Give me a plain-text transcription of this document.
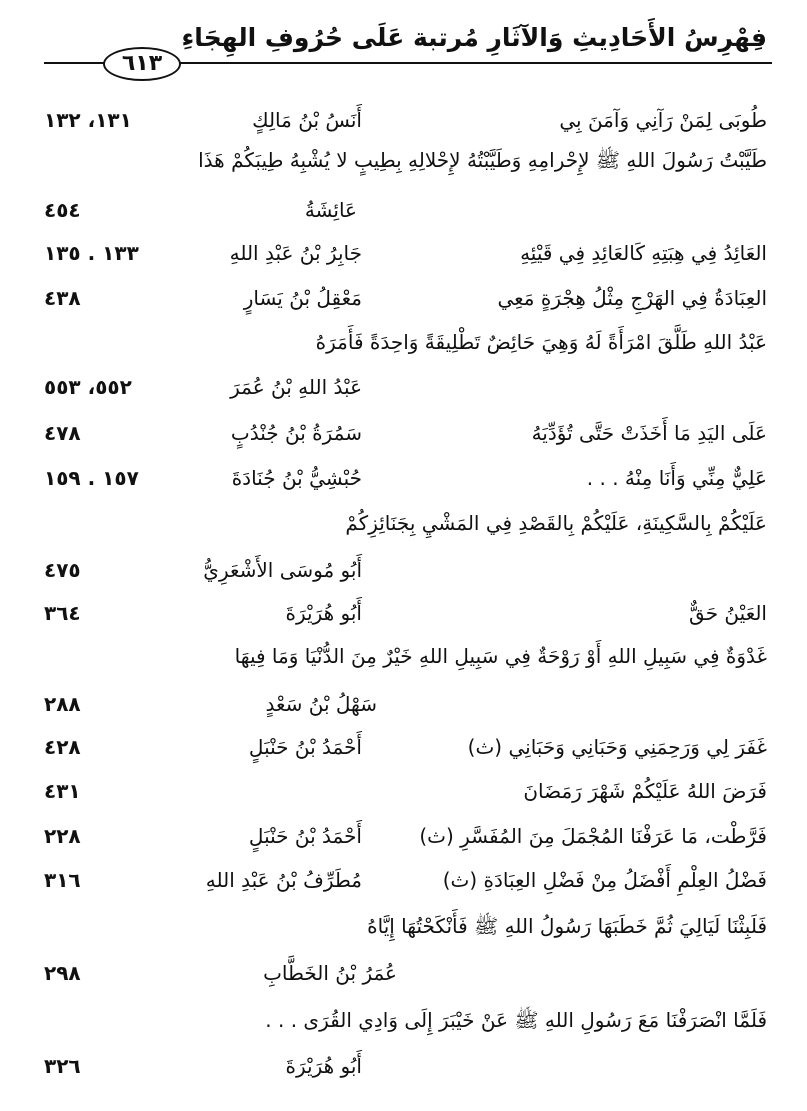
فِهْرِسُ الأَحَادِيثِ وَالآثَارِ مُرتبة عَلَى حُرُوفِ الهِجَاءِ
٦١٣
طُوبَى لِمَنْ رَآنِي وَآمَنَ بِي
أَنَسُ بْنُ مَالِكٍ
١٣١، ١٣٢
طَيَّبْتُ رَسُولَ اللهِ ﷺ لإِحْرامِهِ وَطَيَّبْتُهُ لإِحْلالِهِ بِطِيبٍ لا يُشْبِهُ طِيبَكُمْ هَذَا
عَائِشَةُ
٤٥٤
العَائِدُ فِي هِبَتِهِ كَالعَائِدِ فِي قَيْئِهِ
جَابِرُ بْنُ عَبْدِ اللهِ
١٣٣ . ١٣٥
العِبَادَةُ فِي الهَرْجِ مِثْلُ هِجْرَةٍ مَعِي
مَعْقِلُ بْنُ يَسَارٍ
٤٣٨
عَبْدُ اللهِ طَلَّقَ امْرَأَةً لَهُ وَهِيَ حَائِضٌ تَطْلِيقَةً وَاحِدَةً فَأَمَرَهُ
عَبْدُ اللهِ بْنُ عُمَرَ
٥٥٢، ٥٥٣
عَلَى اليَدِ مَا أَخَذَتْ حَتَّى تُؤَدِّيَهُ
سَمُرَةُ بْنُ جُنْدُبٍ
٤٧٨
عَلِيٌّ مِنِّي وَأَنَا مِنْهُ . . .
حُبْشِيُّ بْنُ جُنَادَةَ
١٥٧ . ١٥٩
عَلَيْكُمْ بِالسَّكِينَةِ، عَلَيْكُمْ بِالقَصْدِ فِي المَشْيِ بِجَنَائِزِكُمْ
أَبُو مُوسَى الأَشْعَرِيُّ
٤٧٥
العَيْنُ حَقٌّ
أَبُو هُرَيْرَةَ
٣٦٤
غَدْوَةٌ فِي سَبِيلِ اللهِ أَوْ رَوْحَةٌ فِي سَبِيلِ اللهِ خَيْرٌ مِنَ الدُّنْيَا وَمَا فِيهَا
سَهْلُ بْنُ سَعْدٍ
٢٨٨
غَفَرَ لِي وَرَحِمَنِي وَحَبَانِي وَحَبَانِي (ث)
أَحْمَدُ بْنُ حَنْبَلٍ
٤٢٨
فَرَضَ اللهُ عَلَيْكُمْ شَهْرَ رَمَضَانَ
٤٣١
فَرَّطْت، مَا عَرَفْنَا المُجْمَلَ مِنَ المُفَسَّرِ (ث)
أَحْمَدُ بْنُ حَنْبَلٍ
٢٢٨
فَضْلُ العِلْمِ أَفْضَلُ مِنْ فَضْلِ العِبَادَةِ (ث)
مُطَرِّفُ بْنُ عَبْدِ اللهِ
٣١٦
فَلَبِثْنَا لَيَالِيَ ثُمَّ خَطَبَهَا رَسُولُ اللهِ ﷺ فَأَنْكَحْتُهَا إِيَّاهُ
عُمَرُ بْنُ الخَطَّابِ
٢٩٨
فَلَمَّا انْصَرَفْنَا مَعَ رَسُولِ اللهِ ﷺ عَنْ خَيْبَرَ إِلَى وَادِي القُرَى . . .
أَبُو هُرَيْرَةَ
٣٢٦
